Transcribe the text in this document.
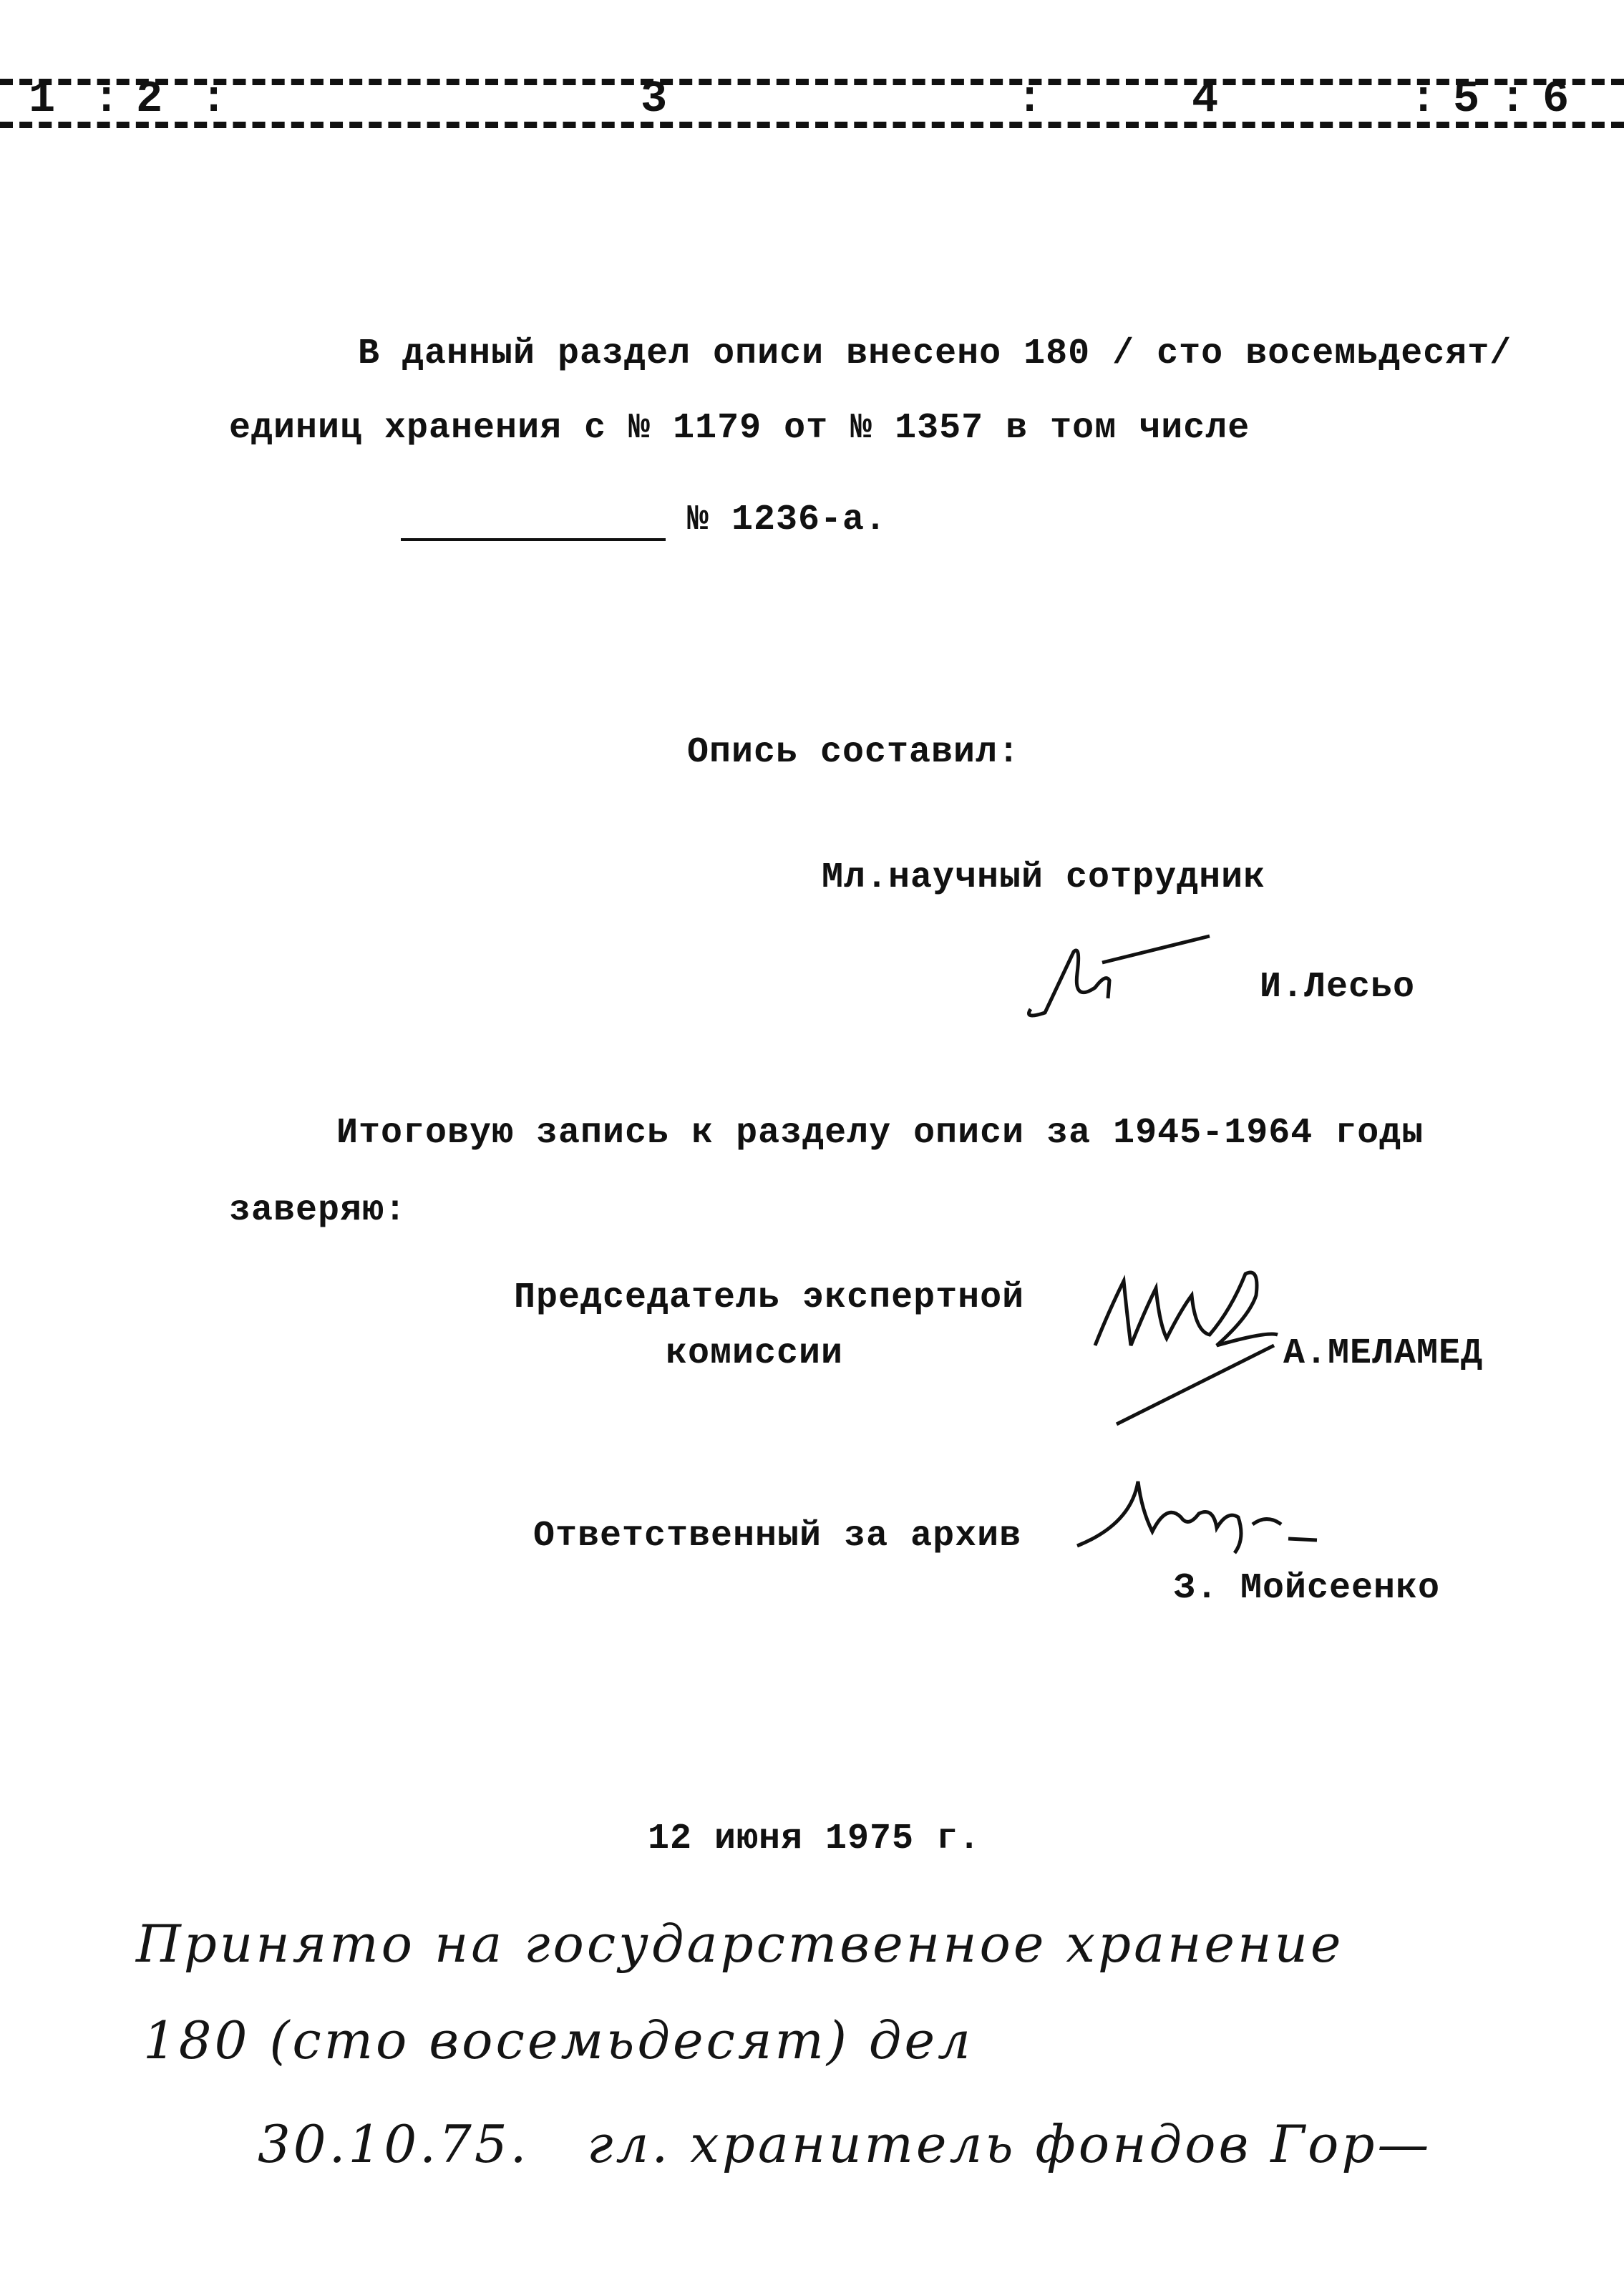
1 : 2 :	3	:	4	: 5 : 6
В данный раздел описи внесено 180 / сто восемьдесят/
единиц хранения с № 1179 от № 1357 в том числе
№ 1236-а.
Опись составил:
Мл.научный сотрудник
И.Лесьо
Итоговую запись к разделу описи за 1945-1964 годы
заверяю:
Председатель экспертной
комиссии	А.МЕЛАМЕД
Ответственный за архив
З. Мойсеенко
12 июня 1975 г.
Принято на государственное хранение
180 (сто восемьдесят) дел
30.10.75.   гл. хранитель фондов Гор—
